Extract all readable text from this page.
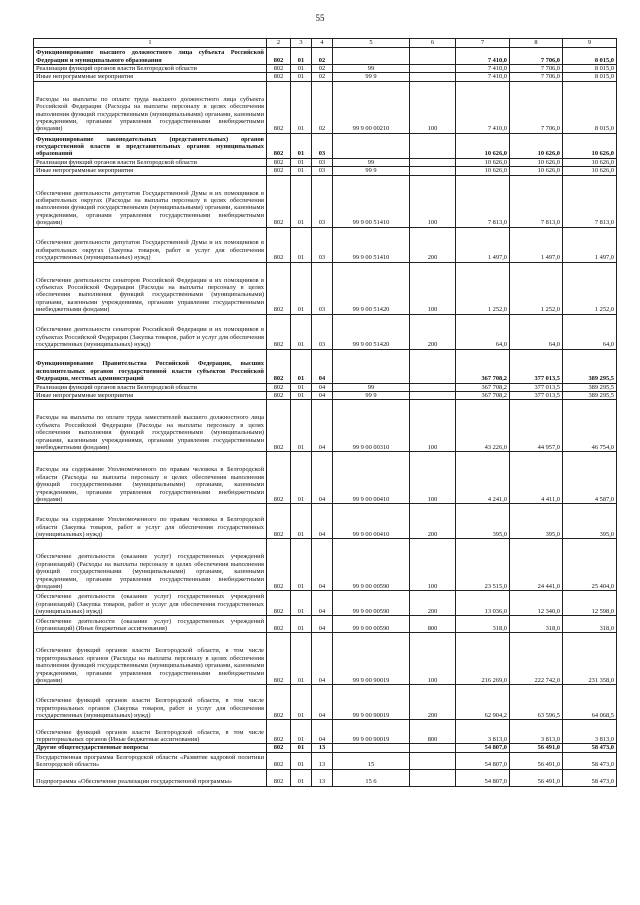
55
1	2	3	4	5	6	7	8	9
Функционирование высшего должностного лица субъекта Российской Федерации и муниципального образования	802	01	02			7 410,0	7 706,0	8 015,0
Реализация функций органов власти Белгородской области	802	01	02	99		7 410,0	7 706,0	8 015,0
Иные непрограммные мероприятия	802	01	02	99 9		7 410,0	7 706,0	8 015,0
Расходы на выплаты по оплате труда высшего должностного лица субъекта Российской Федерации (Расходы на выплаты персоналу в целях обеспечения выполнения функций государственными (муниципальными) органами, казенными учреждениями, органами управления государственными внебюджетными фондами)	802	01	02	99 9 00 00210	100	7 410,0	7 706,0	8 015,0
Функционирование законодательных (представительных) органов государственной власти и представительных органов муниципальных образований	802	01	03			10 626,0	10 626,0	10 626,0
Реализация функций органов власти Белгородской области	802	01	03	99		10 626,0	10 626,0	10 626,0
Иные непрограммные мероприятия	802	01	03	99 9		10 626,0	10 626,0	10 626,0
Обеспечение деятельности депутатов Государственной Думы и их помощников в избирательных округах (Расходы на выплаты персоналу в целях обеспечения выполнения функций государственными (муниципальными) органами, казенными учреждениями, органами управления государственными внебюджетными фондами)	802	01	03	99 9 00 51410	100	7 813,0	7 813,0	7 813,0
Обеспечение деятельности депутатов Государственной Думы и их помощников в избирательных округах (Закупка товаров, работ и услуг для обеспечения государственных (муниципальных) нужд)	802	01	03	99 9 00 51410	200	1 497,0	1 497,0	1 497,0
Обеспечение деятельности сенаторов Российской Федерации и их помощников в субъектах Российской Федерации (Расходы на выплаты персоналу в целях обеспечения выполнения функций государственными (муниципальными) органами, казенными учреждениями, органами управления государственными внебюджетными фондами)	802	01	03	99 9 00 51420	100	1 252,0	1 252,0	1 252,0
Обеспечение деятельности сенаторов Российской Федерации и их помощников в субъектах Российской Федерации (Закупка товаров, работ и услуг для обеспечения государственных (муниципальных) нужд)	802	01	03	99 9 00 51420	200	64,0	64,0	64,0
Функционирование Правительства Российской Федерации, высших исполнительных органов государственной власти субъектов Российской Федерации, местных администраций	802	01	04			367 708,2	377 013,5	389 295,5
Реализация функций органов власти Белгородской области	802	01	04	99		367 708,2	377 013,5	389 295,5
Иные непрограммные мероприятия	802	01	04	99 9		367 708,2	377 013,5	389 295,5
Расходы на выплаты по оплате труда заместителей высшего должностного лица субъекта Российской Федерации (Расходы на выплаты персоналу в целях обеспечения выполнения функций государственными (муниципальными) органами, казенными учреждениями, органами управления государственными внебюджетными фондами)	802	01	04	99 9 00 00310	100	43 226,0	44 957,0	46 754,0
Расходы на содержание Уполномоченного по правам человека в Белгородской области (Расходы на выплаты персоналу в целях обеспечения выполнения функций государственными (муниципальными) органами, казенными учреждениями, органами управления государственными внебюджетными фондами)	802	01	04	99 9 00 00410	100	4 241,0	4 411,0	4 587,0
Расходы на содержание Уполномоченного по правам человека в Белгородской области (Закупка товаров, работ и услуг для обеспечения государственных (муниципальных) нужд)	802	01	04	99 9 00 00410	200	395,0	395,0	395,0
Обеспечение деятельности (оказание услуг) государственных учреждений (организаций) (Расходы на выплаты персоналу в целях обеспечения выполнения функций государственными (муниципальными) органами, казенными учреждениями, органами управления государственными внебюджетными фондами)	802	01	04	99 9 00 00590	100	23 515,0	24 441,0	25 404,0
Обеспечение деятельности (оказание услуг) государственных учреждений (организаций) (Закупка товаров, работ и услуг для обеспечения государственных (муниципальных) нужд)	802	01	04	99 9 00 00590	200	13 036,0	12 340,0	12 598,0
Обеспечение деятельности (оказание услуг) государственных учреждений (организаций) (Иные бюджетные ассигнования)	802	01	04	99 9 00 00590	800	318,0	318,0	318,0
Обеспечение функций органов власти Белгородской области, в том числе территориальных органов (Расходы на выплаты персоналу в целях обеспечения выполнения функций государственными (муниципальными) органами, казенными учреждениями, органами управления государственными внебюджетными фондами)	802	01	04	99 9 00 90019	100	216 269,0	222 742,0	231 358,0
Обеспечение функций органов власти Белгородской области, в том числе территориальных органов (Закупка товаров, работ и услуг для обеспечения государственных (муниципальных) нужд)	802	01	04	99 9 00 90019	200	62 904,2	63 596,5	64 068,5
Обеспечение функций органов власти Белгородской области, в том числе территориальных органов (Иные бюджетные ассигнования)	802	01	04	99 9 00 90019	800	3 813,0	3 813,0	3 813,0
Другие общегосударственные вопросы	802	01	13			54 807,0	56 491,0	58 473,0
Государственная программа Белгородской области «Развитие кадровой политики Белгородской области»	802	01	13	15		54 807,0	56 491,0	58 473,0
Подпрограмма «Обеспечение реализации государственной программы»	802	01	13	15 6		54 807,0	56 491,0	58 473,0
